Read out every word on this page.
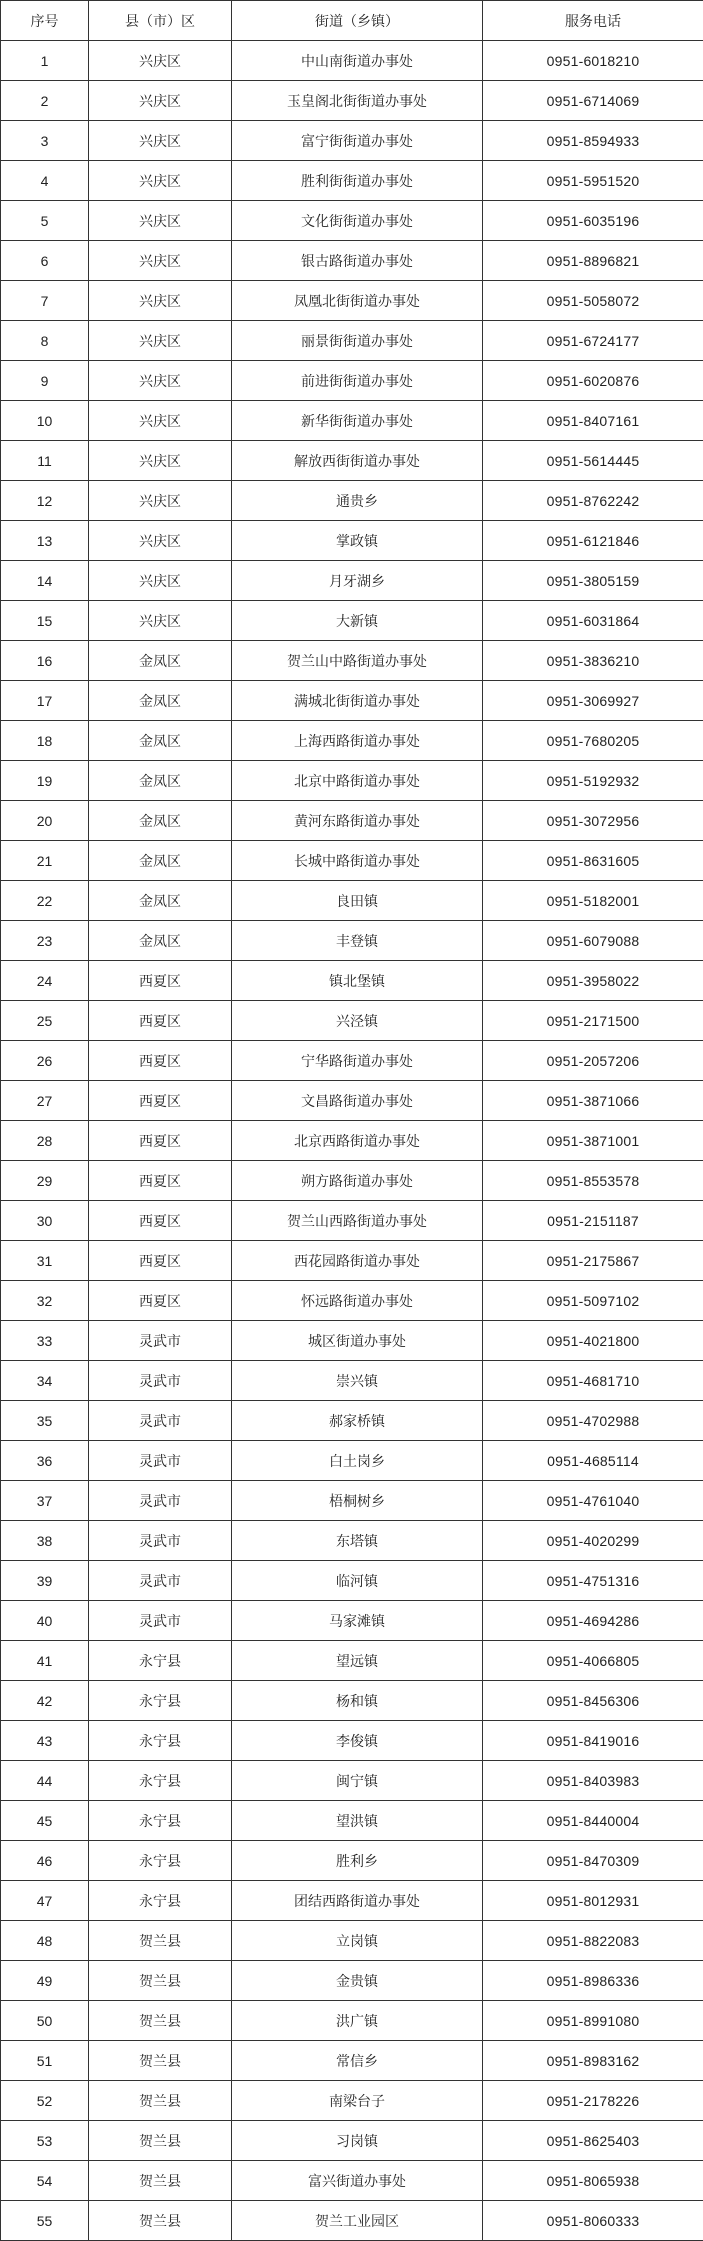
序号	县（市）区	街道（乡镇）	服务电话
1	兴庆区	中山南街道办事处	0951-6018210
2	兴庆区	玉皇阁北街街道办事处	0951-6714069
3	兴庆区	富宁街街道办事处	0951-8594933
4	兴庆区	胜利街街道办事处	0951-5951520
5	兴庆区	文化街街道办事处	0951-6035196
6	兴庆区	银古路街道办事处	0951-8896821
7	兴庆区	凤凰北街街道办事处	0951-5058072
8	兴庆区	丽景街街道办事处	0951-6724177
9	兴庆区	前进街街道办事处	0951-6020876
10	兴庆区	新华街街道办事处	0951-8407161
11	兴庆区	解放西街街道办事处	0951-5614445
12	兴庆区	通贵乡	0951-8762242
13	兴庆区	掌政镇	0951-6121846
14	兴庆区	月牙湖乡	0951-3805159
15	兴庆区	大新镇	0951-6031864
16	金凤区	贺兰山中路街道办事处	0951-3836210
17	金凤区	满城北街街道办事处	0951-3069927
18	金凤区	上海西路街道办事处	0951-7680205
19	金凤区	北京中路街道办事处	0951-5192932
20	金凤区	黄河东路街道办事处	0951-3072956
21	金凤区	长城中路街道办事处	0951-8631605
22	金凤区	良田镇	0951-5182001
23	金凤区	丰登镇	0951-6079088
24	西夏区	镇北堡镇	0951-3958022
25	西夏区	兴泾镇	0951-2171500
26	西夏区	宁华路街道办事处	0951-2057206
27	西夏区	文昌路街道办事处	0951-3871066
28	西夏区	北京西路街道办事处	0951-3871001
29	西夏区	朔方路街道办事处	0951-8553578
30	西夏区	贺兰山西路街道办事处	0951-2151187
31	西夏区	西花园路街道办事处	0951-2175867
32	西夏区	怀远路街道办事处	0951-5097102
33	灵武市	城区街道办事处	0951-4021800
34	灵武市	崇兴镇	0951-4681710
35	灵武市	郝家桥镇	0951-4702988
36	灵武市	白土岗乡	0951-4685114
37	灵武市	梧桐树乡	0951-4761040
38	灵武市	东塔镇	0951-4020299
39	灵武市	临河镇	0951-4751316
40	灵武市	马家滩镇	0951-4694286
41	永宁县	望远镇	0951-4066805
42	永宁县	杨和镇	0951-8456306
43	永宁县	李俊镇	0951-8419016
44	永宁县	闽宁镇	0951-8403983
45	永宁县	望洪镇	0951-8440004
46	永宁县	胜利乡	0951-8470309
47	永宁县	团结西路街道办事处	0951-8012931
48	贺兰县	立岗镇	0951-8822083
49	贺兰县	金贵镇	0951-8986336
50	贺兰县	洪广镇	0951-8991080
51	贺兰县	常信乡	0951-8983162
52	贺兰县	南梁台子	0951-2178226
53	贺兰县	习岗镇	0951-8625403
54	贺兰县	富兴街道办事处	0951-8065938
55	贺兰县	贺兰工业园区	0951-8060333
